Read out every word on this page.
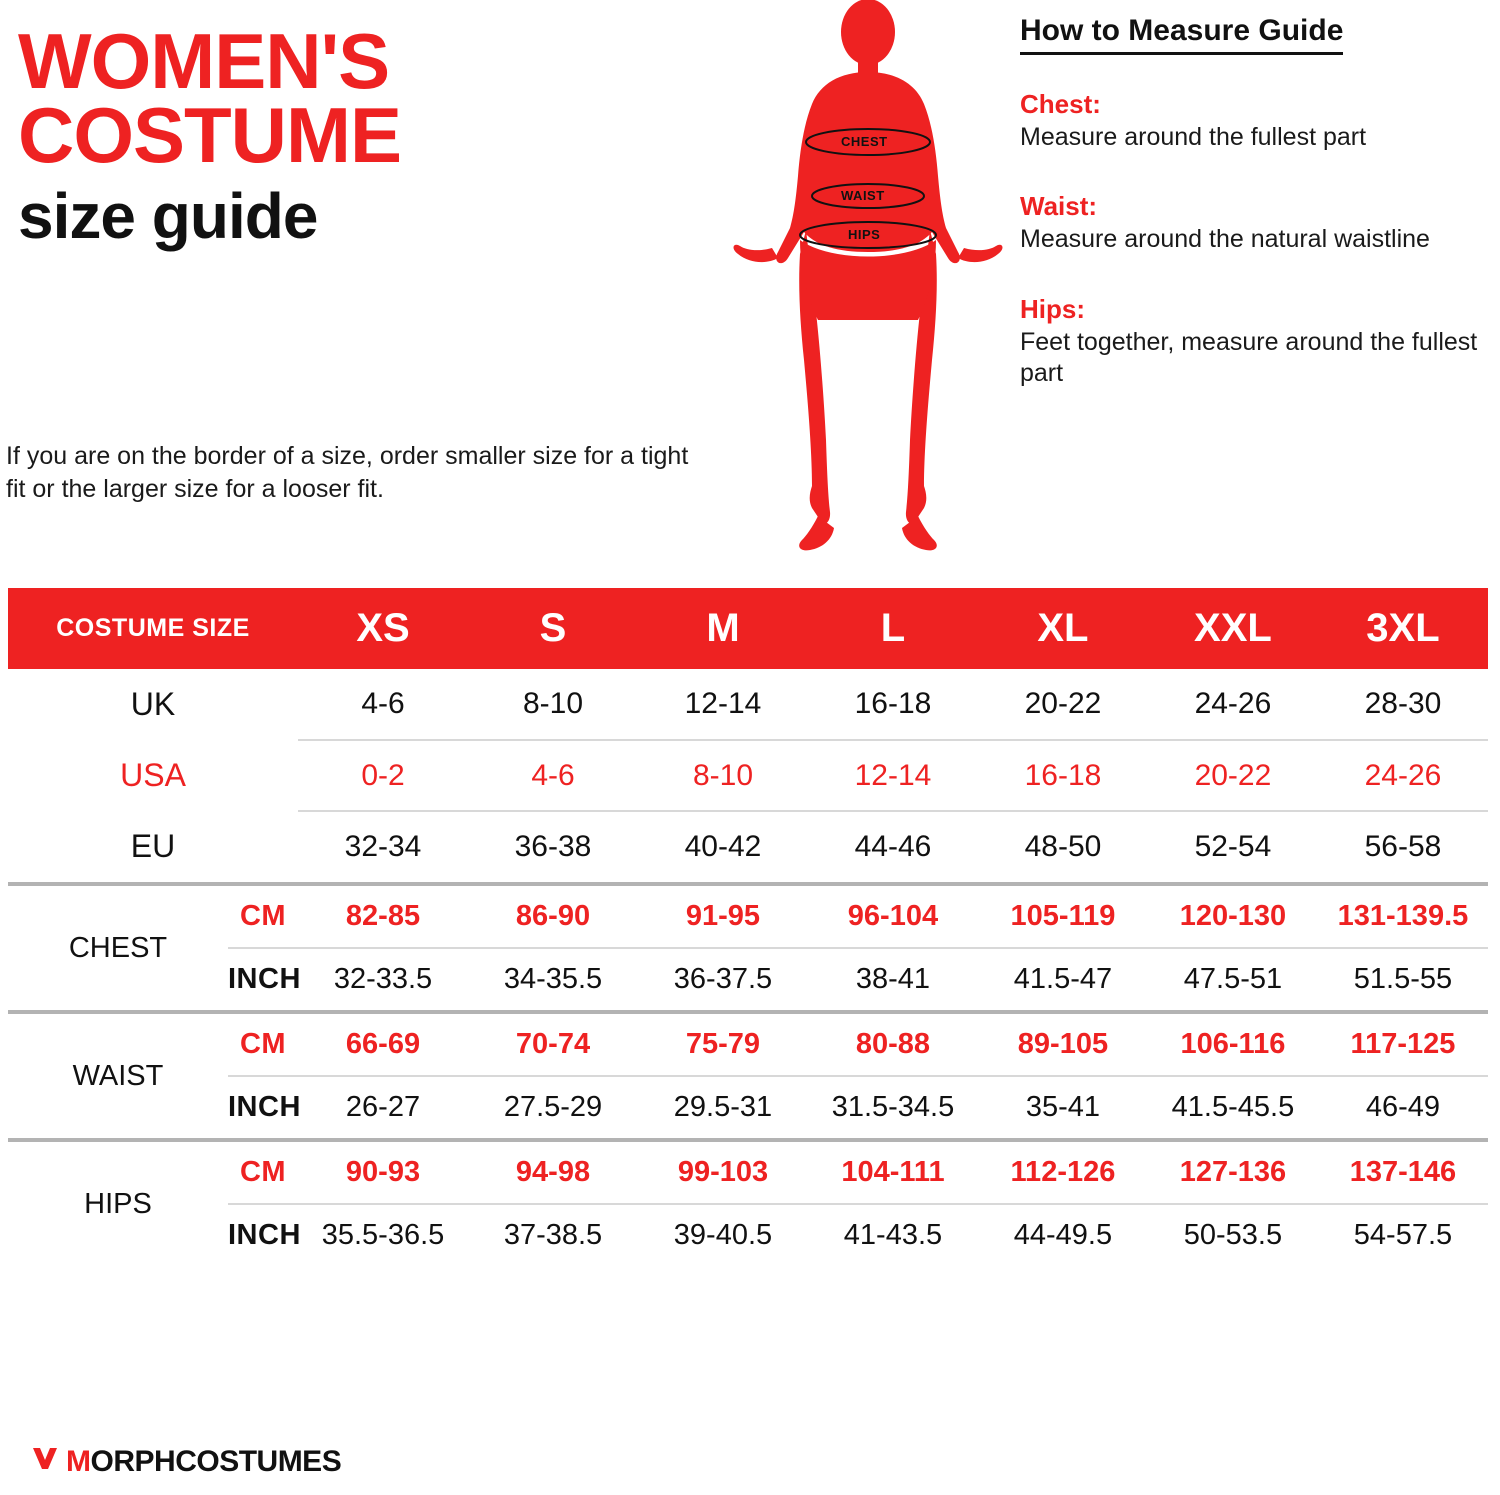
WOMEN'S
COSTUME
size guide
If you are on the border of a size, order smaller size for a tight fit or the larger size for a looser fit.
CHEST
WAIST
HIPS
How to Measure Guide
Chest:
Measure around the fullest part
Waist:
Measure around the natural waistline
Hips:
Feet together, measure around the fullest part
COSTUME SIZE		XS	S	M	L	XL	XXL	3XL
UK		4-6	8-10	12-14	16-18	20-22	24-26	28-30
USA		0-2	4-6	8-10	12-14	16-18	20-22	24-26
EU		32-34	36-38	40-42	44-46	48-50	52-54	56-58
CHEST	CM	82-85	86-90	91-95	96-104	105-119	120-130	131-139.5
	INCH	32-33.5	34-35.5	36-37.5	38-41	41.5-47	47.5-51	51.5-55
WAIST	CM	66-69	70-74	75-79	80-88	89-105	106-116	117-125
	INCH	26-27	27.5-29	29.5-31	31.5-34.5	35-41	41.5-45.5	46-49
HIPS	CM	90-93	94-98	99-103	104-111	112-126	127-136	137-146
	INCH	35.5-36.5	37-38.5	39-40.5	41-43.5	44-49.5	50-53.5	54-57.5
MORPHCOSTUMES
